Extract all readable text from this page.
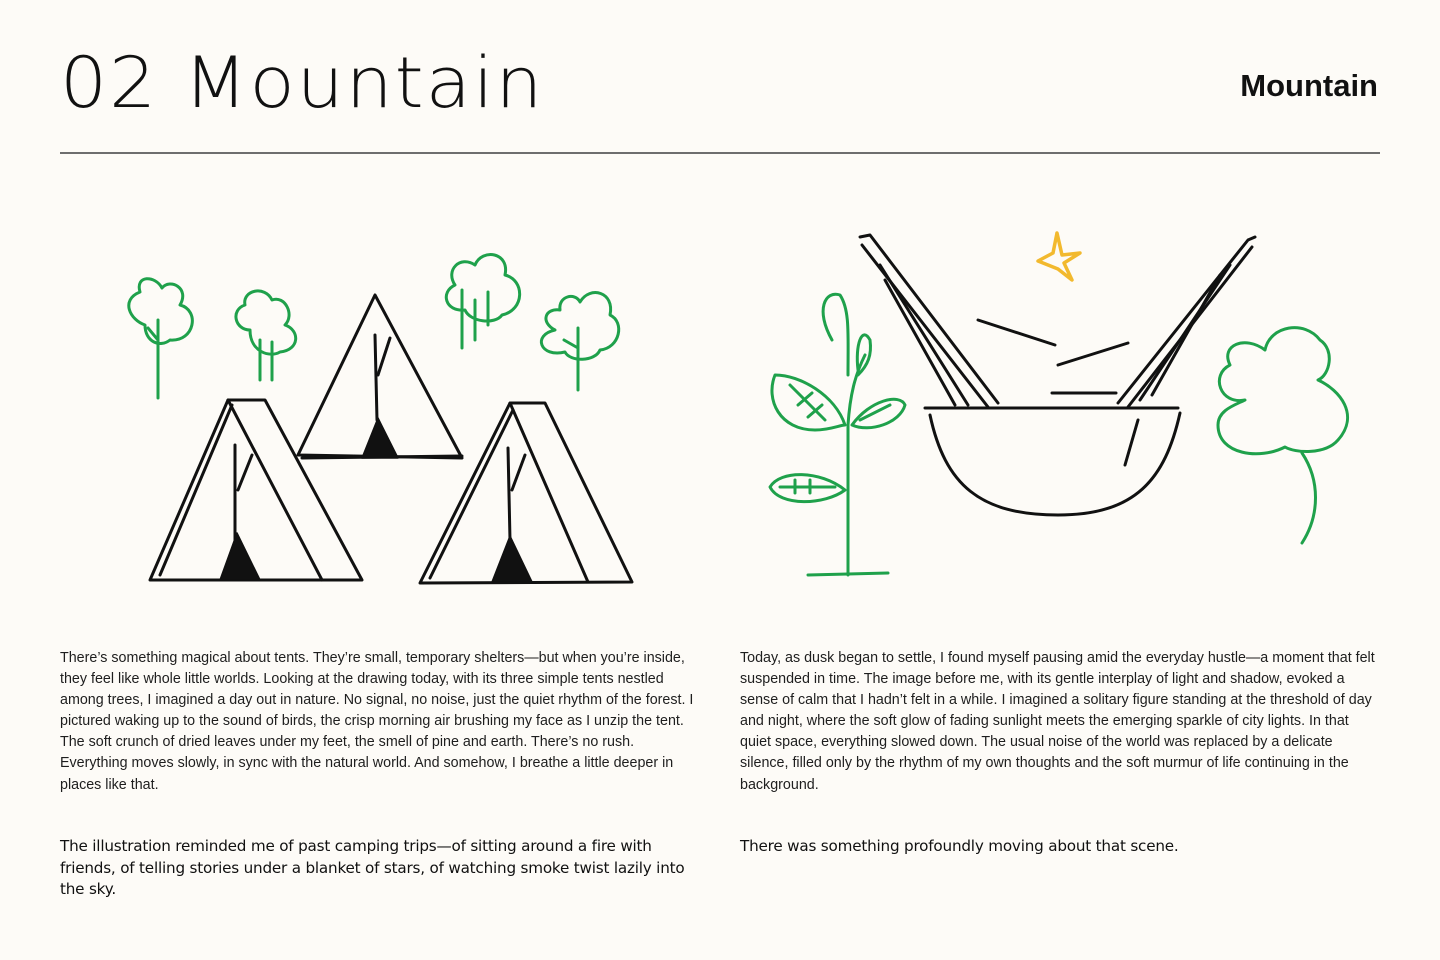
02 Mountain	Mountain

There’s something magical about tents. They’re small, temporary shelters—but when you’re inside, they feel like whole little worlds. Looking at the drawing today, with its three simple tents nestled among trees, I imagined a day out in nature. No signal, no noise, just the quiet rhythm of the forest. I pictured waking up to the sound of birds, the crisp morning air brushing my face as I unzip the tent. The soft crunch of dried leaves under my feet, the smell of pine and earth. There’s no rush. Everything moves slowly, in sync with the natural world. And somehow, I breathe a little deeper in places like that.

The illustration reminded me of past camping trips—of sitting around a fire with friends, of telling stories under a blanket of stars, of watching smoke twist lazily into the sky.

Today, as dusk began to settle, I found myself pausing amid the everyday hustle—a moment that felt suspended in time. The image before me, with its gentle interplay of light and shadow, evoked a sense of calm that I hadn’t felt in a while. I imagined a solitary figure standing at the threshold of day and night, where the soft glow of fading sunlight meets the emerging sparkle of city lights. In that quiet space, everything slowed down. The usual noise of the world was replaced by a delicate silence, filled only by the rhythm of my own thoughts and the soft murmur of life continuing in the background.

There was something profoundly moving about that scene.
